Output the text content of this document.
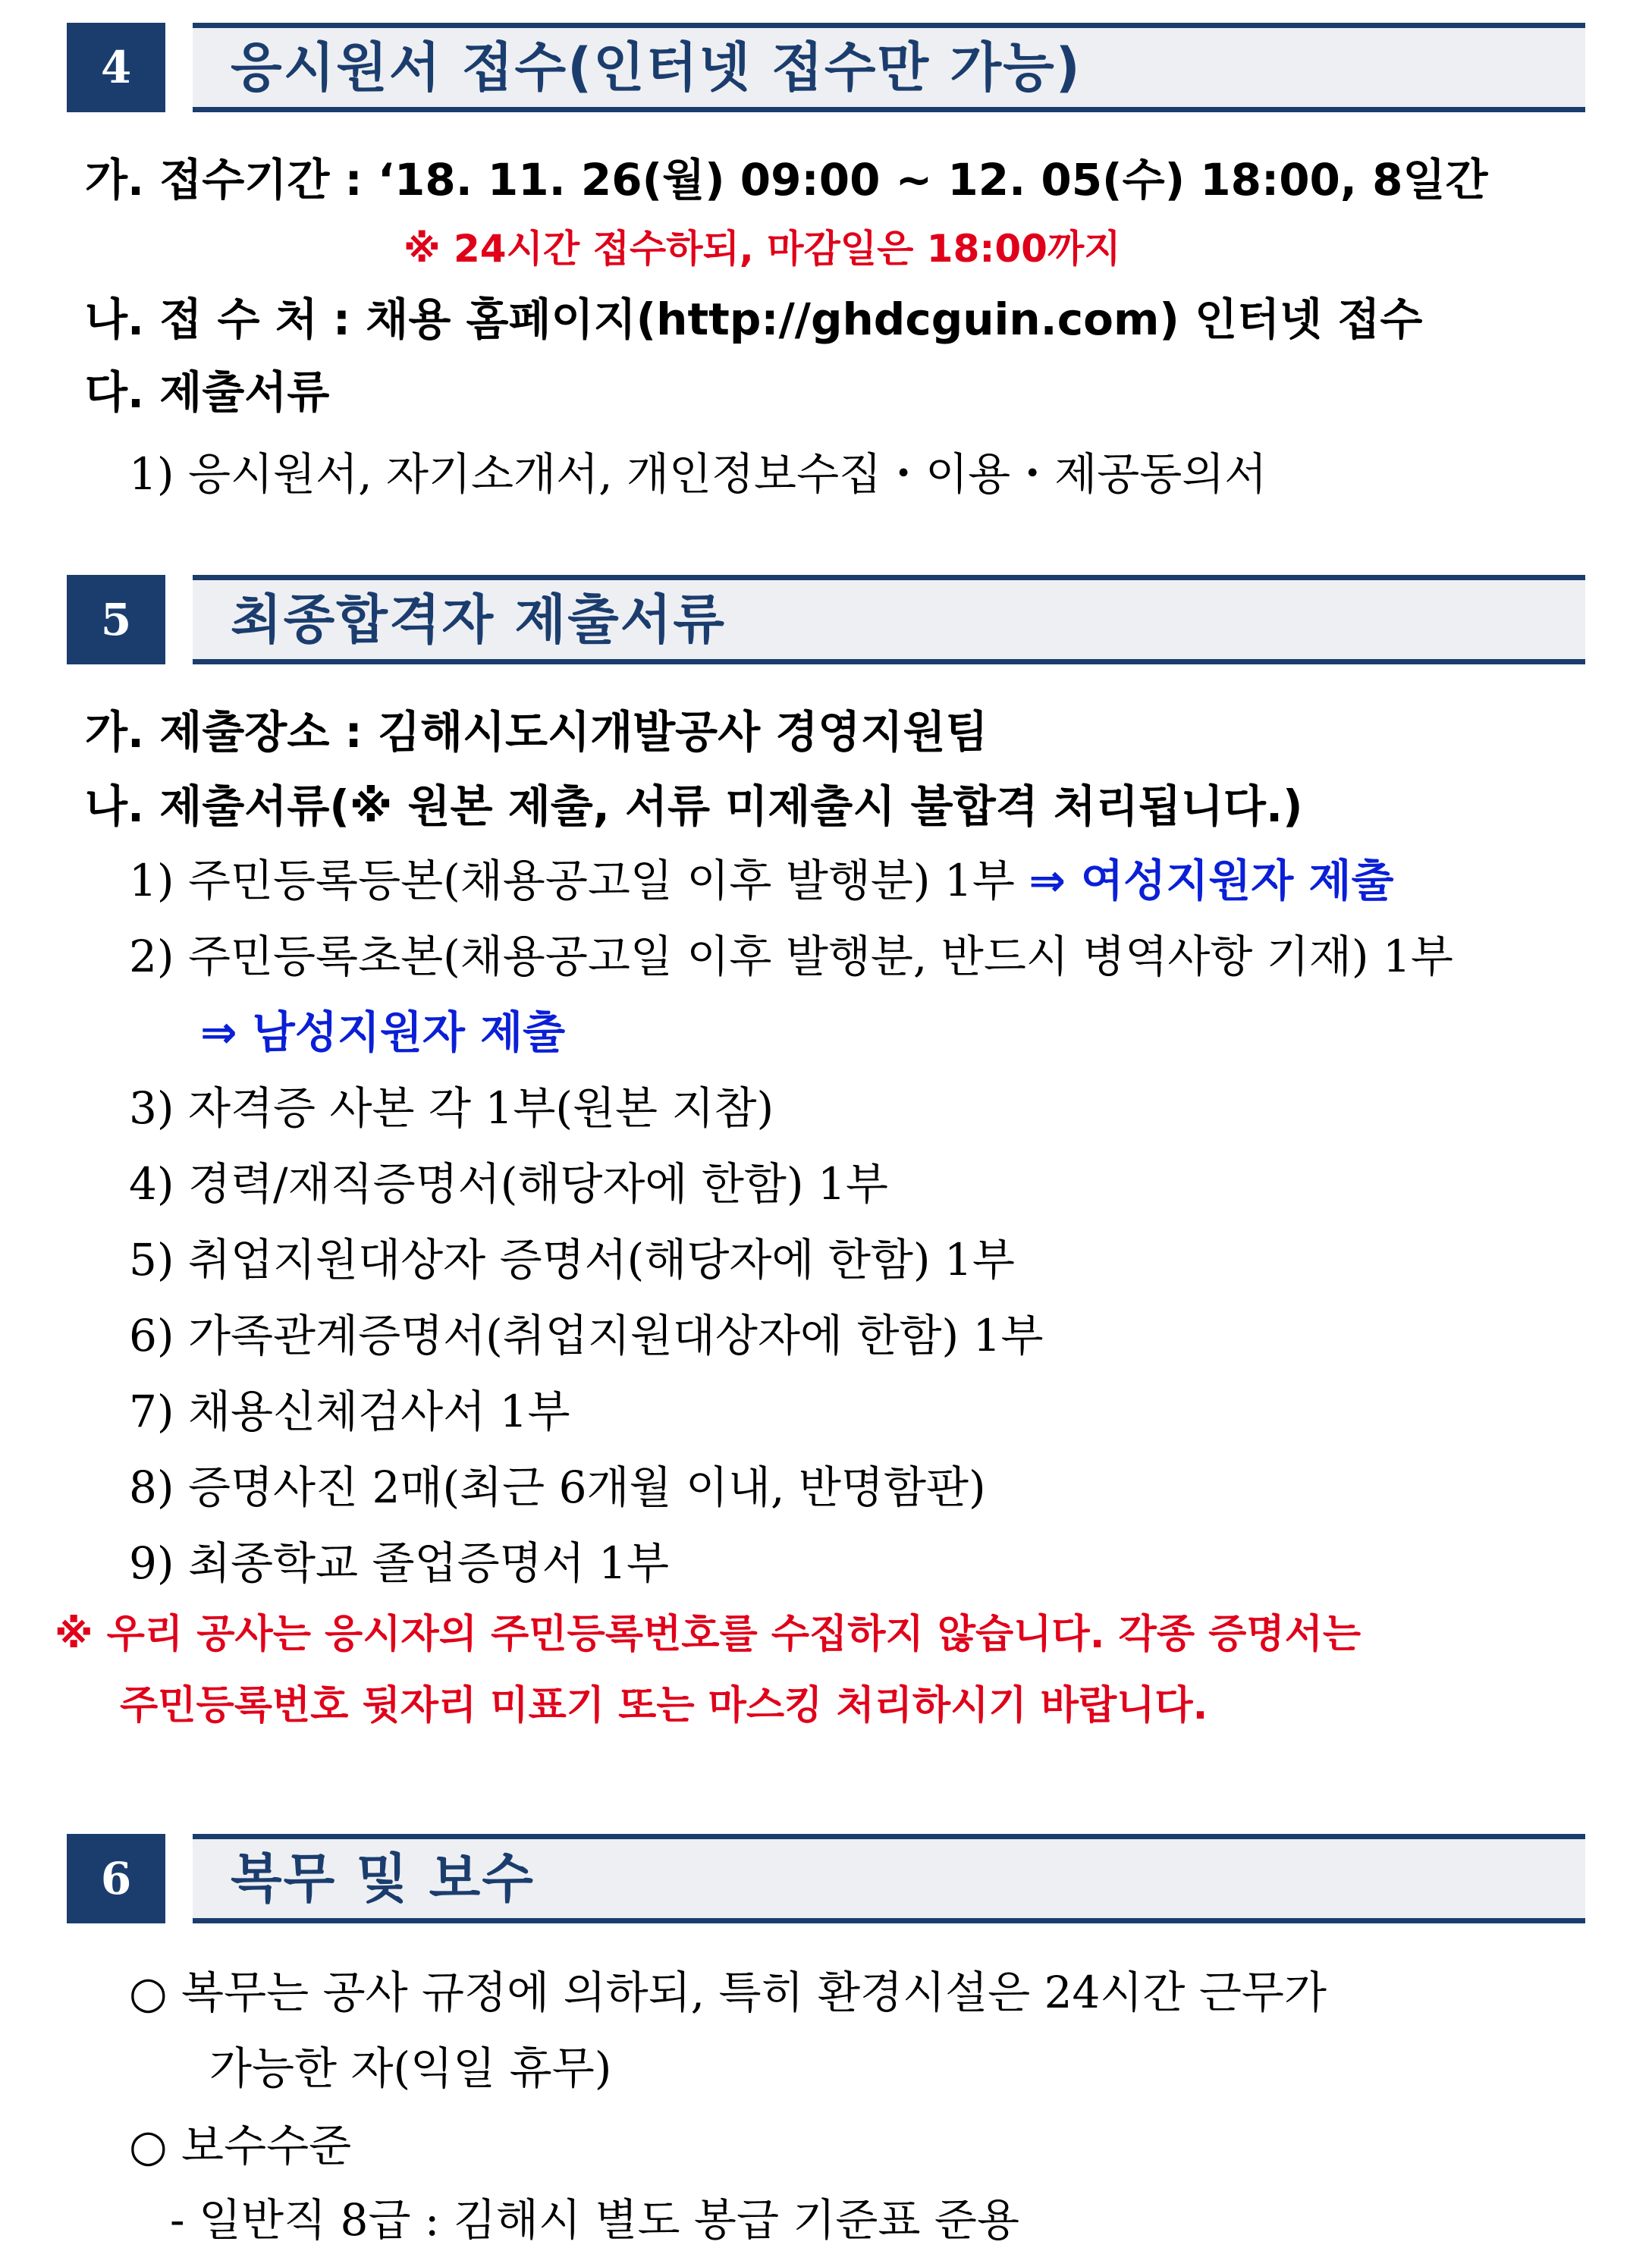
4	응시원서 접수(인터넷 접수만 가능)
가. 접수기간 : ‘18. 11. 26(월) 09:00 ~ 12. 05(수) 18:00, 8일간
※ 24시간 접수하되, 마감일은 18:00까지
나. 접 수 처 : 채용 홈페이지(http://ghdcguin.com) 인터넷 접수
다. 제출서류
1) 응시원서, 자기소개서, 개인정보수집・이용・제공동의서
5	최종합격자 제출서류
가. 제출장소 : 김해시도시개발공사 경영지원팀
나. 제출서류(※ 원본 제출, 서류 미제출시 불합격 처리됩니다.)
1) 주민등록등본(채용공고일 이후 발행분) 1부 ⇒ 여성지원자 제출
2) 주민등록초본(채용공고일 이후 발행분, 반드시 병역사항 기재) 1부
⇒ 남성지원자 제출
3) 자격증 사본 각 1부(원본 지참)
4) 경력/재직증명서(해당자에 한함) 1부
5) 취업지원대상자 증명서(해당자에 한함) 1부
6) 가족관계증명서(취업지원대상자에 한함) 1부
7) 채용신체검사서 1부
8) 증명사진 2매(최근 6개월 이내, 반명함판)
9) 최종학교 졸업증명서 1부
※ 우리 공사는 응시자의 주민등록번호를 수집하지 않습니다. 각종 증명서는
주민등록번호 뒷자리 미표기 또는 마스킹 처리하시기 바랍니다.
6	복무 및 보수
○ 복무는 공사 규정에 의하되, 특히 환경시설은 24시간 근무가
가능한 자(익일 휴무)
○ 보수수준
- 일반직 8급 : 김해시 별도 봉급 기준표 준용
